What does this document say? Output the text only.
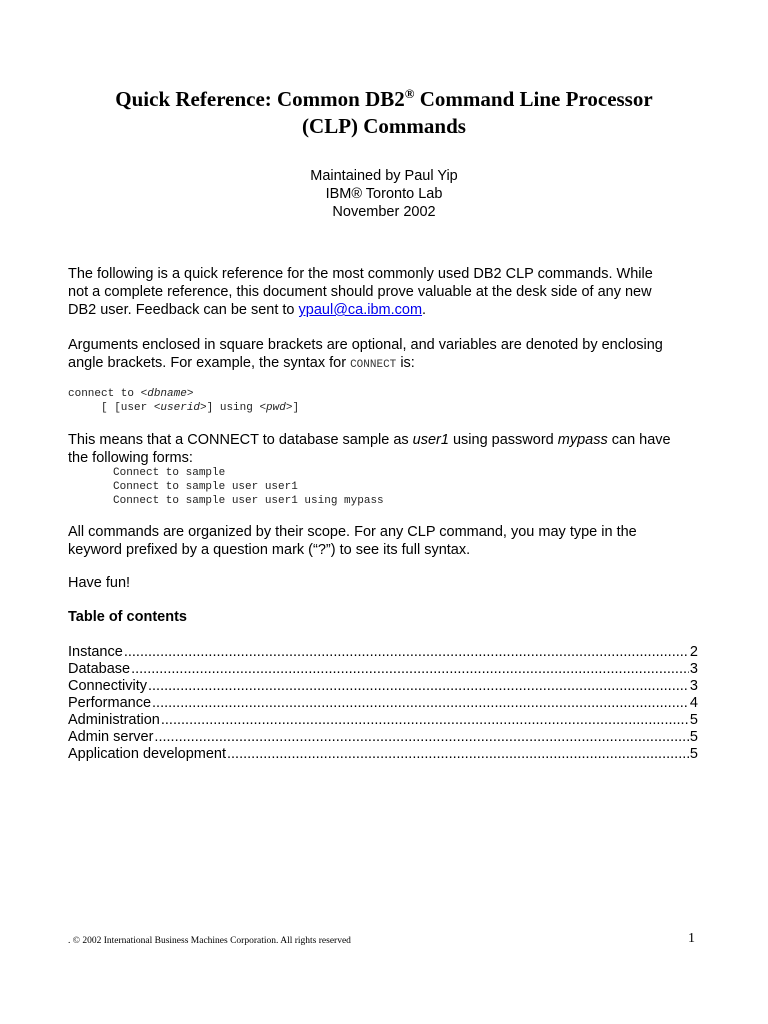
Quick Reference: Common DB2® Command Line Processor
(CLP) Commands
Maintained by Paul Yip
IBM® Toronto Lab
November 2002
The following is a quick reference for the most commonly used DB2 CLP commands. While
not a complete reference, this document should prove valuable at the desk side of any new
DB2 user. Feedback can be sent to ypaul@ca.ibm.com.
Arguments enclosed in square brackets are optional, and variables are denoted by enclosing
angle brackets. For example, the syntax for CONNECT is:
connect to <dbname>
[ [user <userid>] using <pwd>]
This means that a CONNECT to database sample as user1 using password mypass can have
the following forms:
Connect to sample
Connect to sample user user1
Connect to sample user user1 using mypass
All commands are organized by their scope. For any CLP command, you may type in the
keyword prefixed by a question mark (“?”) to see its full syntax.
Have fun!
Table of contents
Instance .....	2
Database .....	3
Connectivity .....	3
Performance .....	4
Administration .....	5
Admin server .....	5
Application development .....	5
. © 2002 International Business Machines Corporation. All rights reserved	1
